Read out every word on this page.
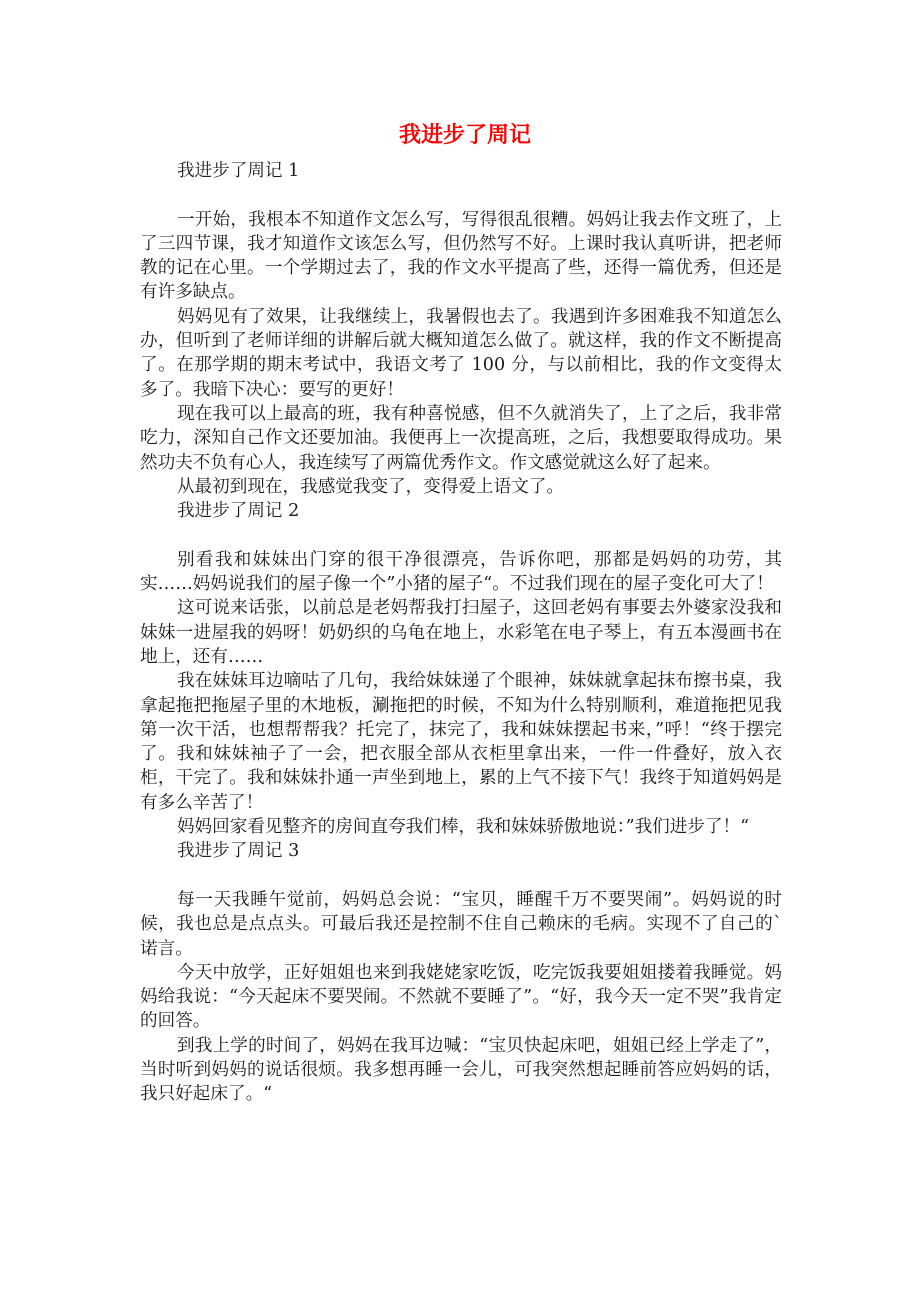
我进步了周记
我进步了周记 1

一开始，我根本不知道作文怎么写，写得很乱很糟。妈妈让我去作文班了，上了三四节课，我才知道作文该怎么写，但仍然写不好。上课时我认真听讲，把老师教的记在心里。一个学期过去了，我的作文水平提高了些，还得一篇优秀，但还是有许多缺点。

妈妈见有了效果，让我继续上，我暑假也去了。我遇到许多困难我不知道怎么办，但听到了老师详细的讲解后就大概知道怎么做了。就这样，我的作文不断提高了。在那学期的期末考试中，我语文考了 100 分，与以前相比，我的作文变得太多了。我暗下决心：要写的更好！

现在我可以上最高的班，我有种喜悦感，但不久就消失了，上了之后，我非常吃力，深知自己作文还要加油。我便再上一次提高班，之后，我想要取得成功。果然功夫不负有心人，我连续写了两篇优秀作文。作文感觉就这么好了起来。

从最初到现在，我感觉我变了，变得爱上语文了。

我进步了周记 2

别看我和妹妹出门穿的很干净很漂亮，告诉你吧，那都是妈妈的功劳，其实……妈妈说我们的屋子像一个”小猪的屋子“。不过我们现在的屋子变化可大了！

这可说来话张，以前总是老妈帮我打扫屋子，这回老妈有事要去外婆家没我和妹妹一进屋我的妈呀！奶奶织的乌龟在地上，水彩笔在电子琴上，有五本漫画书在地上，还有……

我在妹妹耳边嘀咕了几句，我给妹妹递了个眼神，妹妹就拿起抹布擦书桌，我拿起拖把拖屋子里的木地板，涮拖把的时候，不知为什么特别顺利，难道拖把见我第一次干活，也想帮帮我？托完了，抹完了，我和妹妹摆起书来，”呼！“终于摆完了。我和妹妹袖子了一会，把衣服全部从衣柜里拿出来，一件一件叠好，放入衣柜，干完了。我和妹妹扑通一声坐到地上，累的上气不接下气！我终于知道妈妈是有多么辛苦了！

妈妈回家看见整齐的房间直夸我们棒，我和妹妹骄傲地说：”我们进步了！“

我进步了周记 3

每一天我睡午觉前，妈妈总会说：“宝贝，睡醒千万不要哭闹”。妈妈说的时候，我也总是点点头。可最后我还是控制不住自己赖床的毛病。实现不了自己的`诺言。

今天中放学，正好姐姐也来到我姥姥家吃饭，吃完饭我要姐姐搂着我睡觉。妈妈给我说：“今天起床不要哭闹。不然就不要睡了”。“好，我今天一定不哭”我肯定的回答。

到我上学的时间了，妈妈在我耳边喊：“宝贝快起床吧，姐姐已经上学走了”，当时听到妈妈的说话很烦。我多想再睡一会儿，可我突然想起睡前答应妈妈的话，我只好起床了。“
